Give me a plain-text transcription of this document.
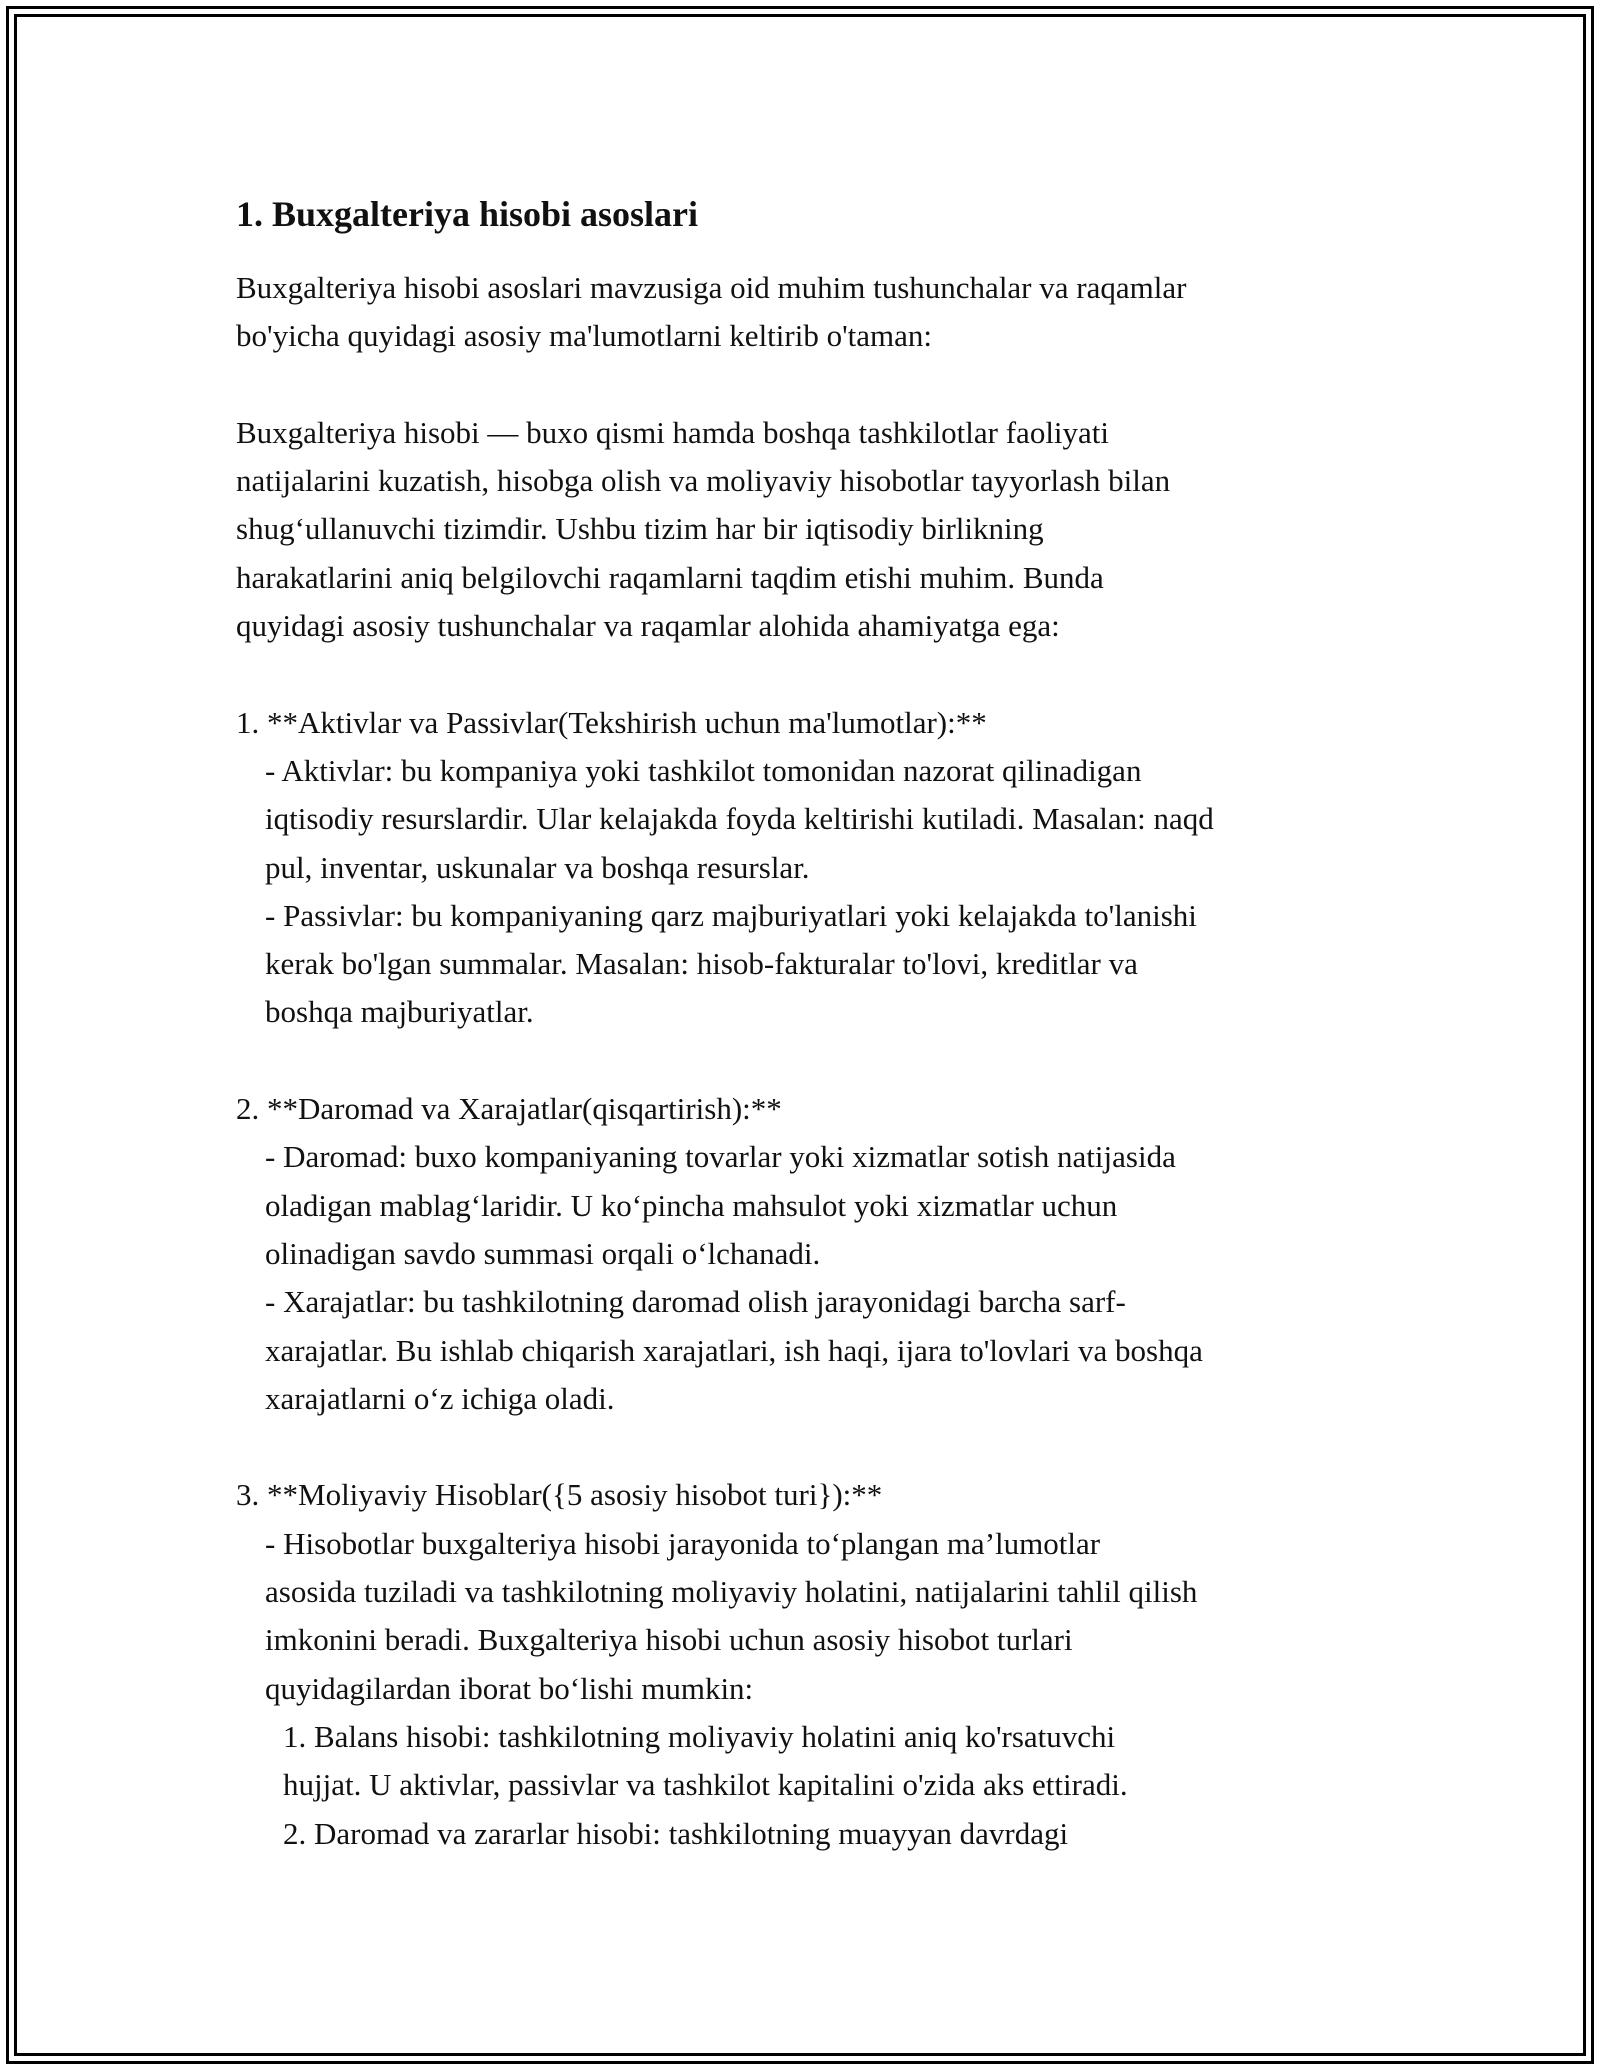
1. Buxgalteriya hisobi asoslari

Buxgalteriya hisobi asoslari mavzusiga oid muhim tushunchalar va raqamlar
bo'yicha quyidagi asosiy ma'lumotlarni keltirib o'taman:

Buxgalteriya hisobi — buxo qismi hamda boshqa tashkilotlar faoliyati
natijalarini kuzatish, hisobga olish va moliyaviy hisobotlar tayyorlash bilan
shug‘ullanuvchi tizimdir. Ushbu tizim har bir iqtisodiy birlikning
harakatlarini aniq belgilovchi raqamlarni taqdim etishi muhim. Bunda
quyidagi asosiy tushunchalar va raqamlar alohida ahamiyatga ega:

1. **Aktivlar va Passivlar(Tekshirish uchun ma'lumotlar):**

- Aktivlar: bu kompaniya yoki tashkilot tomonidan nazorat qilinadigan
iqtisodiy resurslardir. Ular kelajakda foyda keltirishi kutiladi. Masalan: naqd
pul, inventar, uskunalar va boshqa resurslar.

- Passivlar: bu kompaniyaning qarz majburiyatlari yoki kelajakda to'lanishi
kerak bo'lgan summalar. Masalan: hisob-fakturalar to'lovi, kreditlar va
boshqa majburiyatlar.

2. **Daromad va Xarajatlar(qisqartirish):**

- Daromad: buxo kompaniyaning tovarlar yoki xizmatlar sotish natijasida
oladigan mablag‘laridir. U ko‘pincha mahsulot yoki xizmatlar uchun
olinadigan savdo summasi orqali o‘lchanadi.

- Xarajatlar: bu tashkilotning daromad olish jarayonidagi barcha sarf-
xarajatlar. Bu ishlab chiqarish xarajatlari, ish haqi, ijara to'lovlari va boshqa
xarajatlarni o‘z ichiga oladi.

3. **Moliyaviy Hisoblar({5 asosiy hisobot turi}):**

- Hisobotlar buxgalteriya hisobi jarayonida to‘plangan ma’lumotlar
asosida tuziladi va tashkilotning moliyaviy holatini, natijalarini tahlil qilish
imkonini beradi. Buxgalteriya hisobi uchun asosiy hisobot turlari
quyidagilardan iborat bo‘lishi mumkin:

1. Balans hisobi: tashkilotning moliyaviy holatini aniq ko'rsatuvchi
hujjat. U aktivlar, passivlar va tashkilot kapitalini o'zida aks ettiradi.

2. Daromad va zararlar hisobi: tashkilotning muayyan davrdagi
